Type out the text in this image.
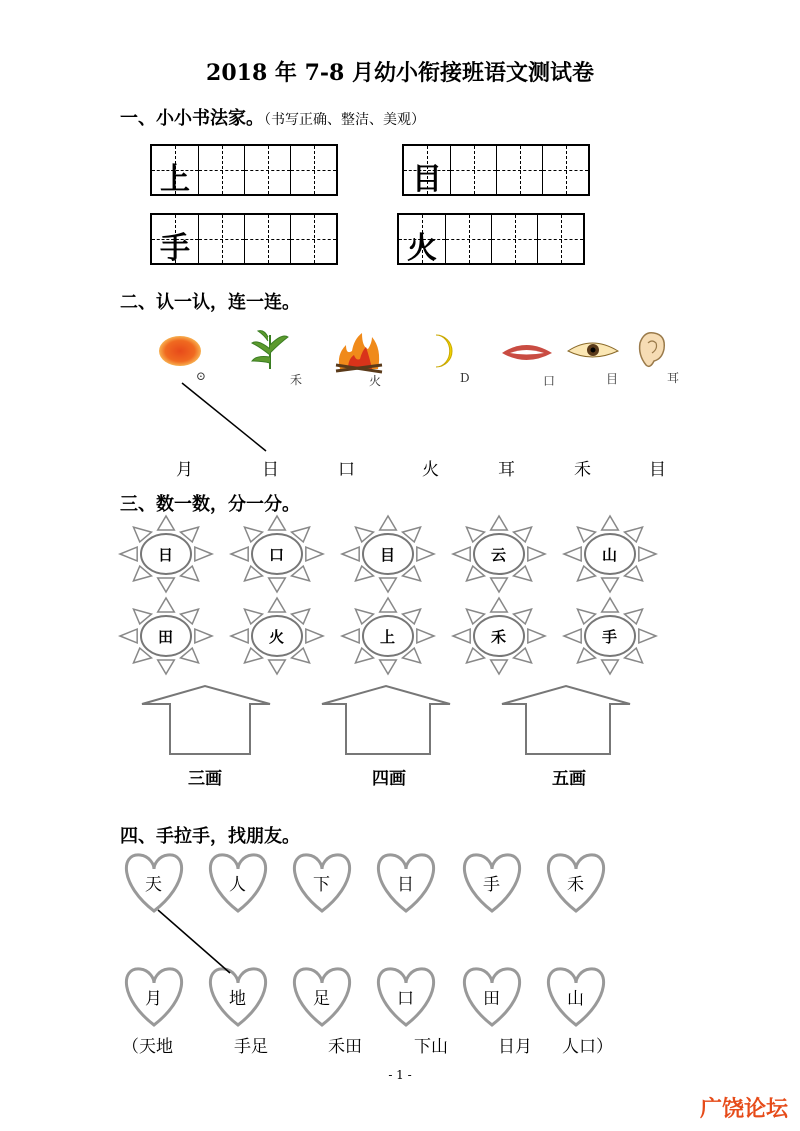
2018 年 7-8 月幼小衔接班语文测试卷
一、小小书法家。（书写正确、整洁、美观）
上	目
手	火
二、认一认，连一连。
⊙	禾	火	D	口	目	耳
月	日	口	火	耳	禾	目
三、数一数，分一分。
日	口	目	云	山
田	火	上	禾	手
三画	四画	五画
四、手拉手，找朋友。
天	人	下	日	手	禾
月	地	足	口	田	山
（天地	手足	禾田	下山	日月 人口）
- 1 -
广饶论坛
